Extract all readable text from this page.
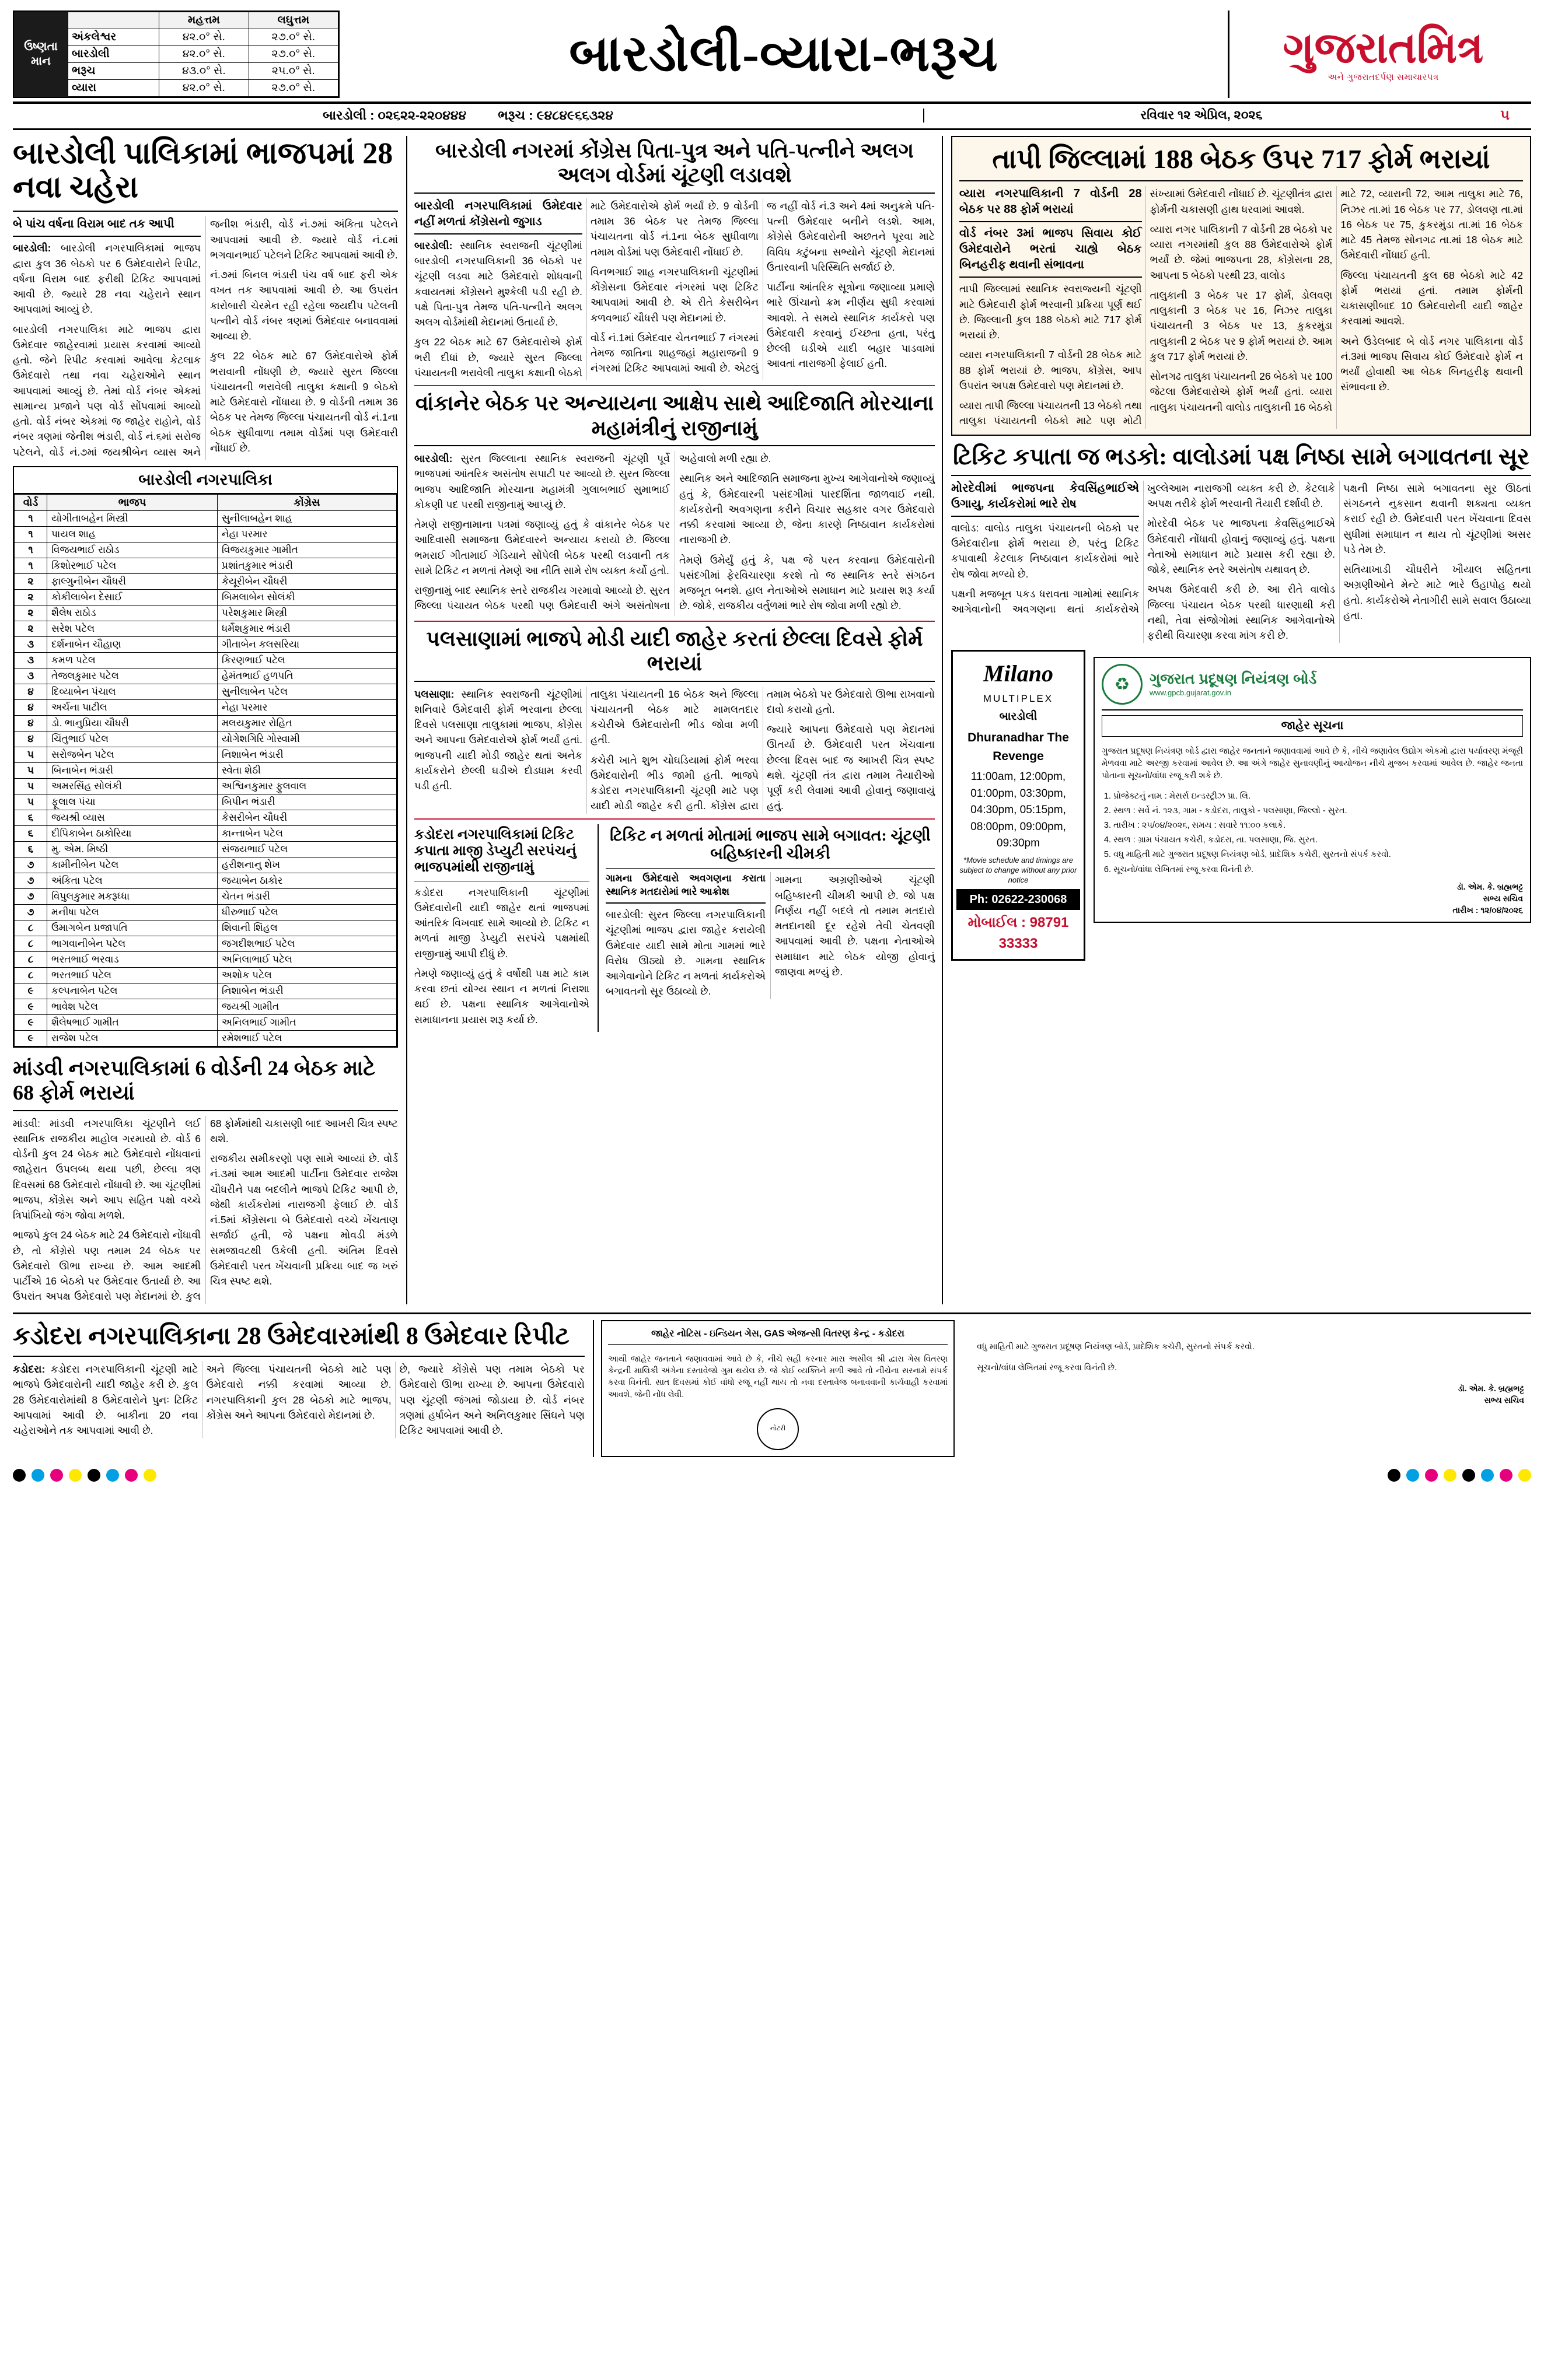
ઉષ્ણતા
માન
	મહત્તમ	લઘુત્તમ
અંકલેશ્વર	૪૨.૦° સે.	૨૭.૦° સે.
બારડોલી	૪૨.૦° સે.	૨૭.૦° સે.
ભરૂચ	૪૩.૦° સે.	૨૫.૦° સે.
વ્યારા	૪૨.૦° સે.	૨૭.૦° સે.
બારડોલી-વ્યારા-ભરૂચ	ગુજરાતમિત્ર
અને ગુજરાતદર્પણ સમાચારપત્ર
બારડોલી : ૦૨૬૨૨-૨૨૦૪૪૪ ભરૂચ : ૯૪૮૪૯૬૬૩૨૪	રવિવાર ૧૨ એપ્રિલ, ૨૦૨૬	૫
બારડોલી પાલિકામાં ભાજપમાં 28 નવા ચહેરા
બે પાંચ વર્ષના વિરામ બાદ તક આપી

બારડોલી: બારડોલી નગરપાલિકામાં ભાજપ દ્વારા કુલ 36 બેઠકો પર 6 ઉમેદવારોને રિપીટ, વર્ષના વિરામ બાદ ફરીથી ટિકિટ આપવામાં આવી છે. જ્યારે 28 નવા ચહેરાને સ્થાન આપવામાં આવ્યું છે.

બારડોલી નગરપાલિકા માટે ભાજપ દ્વારા ઉમેદવાર જાહેરવામાં પ્રયાસ કરવામાં આવ્યો હતો. જેને રિપીટ કરવામાં આવેલા કેટલાક ઉમેદવારો તથા નવા ચહેરાઓને સ્થાન આપવામાં આવ્યું છે. તેમાં વોર્ડ નંબર એકમાં સામાન્ય પ્રજાને પણ વોર્ડ સોંપવામાં આવ્યો હતો. વોર્ડ નંબર એકમાં જ જાહેર રાહોને, વોર્ડ નંબર ત્રણમાં જેનીશ ભંડારી, વોર્ડ નં.૬માં સરોજ પટેલને, વોર્ડ નં.૭માં જયશ્રીબેન વ્યાસ અને જનીશ ભંડારી, વોર્ડ નં.૭માં અંકિતા પટેલને આપવામાં આવી છે. જ્યારે વોર્ડ નં.૮માં ભગવાનભાઈ પટેલને ટિકિટ આપવામાં આવી છે.

નં.૭માં બિનલ ભંડારી પંચ વર્ષ બાદ ફરી એક વખત તક આપવામાં આવી છે. આ ઉપરાંત કારોબારી ચેરમેન રહી રહેલા જયદીપ પટેલની પત્નીને વોર્ડ નંબર ત્રણમાં ઉમેદવાર બનાવવામાં આવ્યા છે.

કુલ 22 બેઠક માટે 67 ઉમેદવારોએ ફોર્મ ભરાવાની નોંધણી છે, જ્યારે સુરત જિલ્લા પંચાયતની ભરાવેલી તાલુકા કક્ષાની 9 બેઠકો માટે ઉમેદવારો નોંધાયા છે. 9 વોર્ડની તમામ 36 બેઠક પર તેમજ જિલ્લા પંચાયતની વોર્ડ નં.1ના બેઠક સુધીવાળા તમામ વોર્ડમાં પણ ઉમેદવારી નોંધાઈ છે.

બારડોલી નગરપાલિકા
વોર્ડ	ભાજપ	કોંગ્રેસ
૧	યોગીતાબહેન મિસ્ત્રી	સુનીલાબહેન શાહ
૧	પાયલ શાહ	નેહા પરમાર
૧	વિજયભાઈ રાઠોડ	વિજયકુમાર ગામીત
૧	કિશોરભાઈ પટેલ	પ્રશાંતકુમાર ભંડારી
૨	ફાલ્ગુનીબેન ચૌધરી	કેયૂરીબેન ચૌધરી
૨	કોકીલાબેન દેસાઈ	બિમલાબેન સોલંકી
૨	શૈલેષ રાઠોડ	પરેશકુમાર મિસ્ત્રી
૨	સરેશ પટેલ	ધર્મેશકુમાર ભંડારી
૩	દર્શનાબેન ચૌહાણ	ગીતાબેન કલસરિયા
૩	કમળ પટેલ	કિરણભાઈ પટેલ
૩	તેજલકુમાર પટેલ	હેમંતભાઈ હળપતિ
૪	દિવ્યાબેન પંચાલ	સુનીલાબેન પટેલ
૪	અર્ચના પાટીલ	નેહા પરમાર
૪	ડો. ભાનુપ્રિયા ચૌધરી	મલયકુમાર રોહિત
૪	ચિંતુભાઈ પટેલ	યોગેશગિરિ ગોસ્વામી
૫	સરોજબેન પટેલ	નિશાબેન ભંડારી
૫	બિનાબેન ભંડારી	સ્વેતા શેઠી
૫	અમરસિંહ સોલંકી	અશ્વિનકુમાર ફુલવાલ
૫	ફૂલાલ પંચા	બિપીન ભંડારી
૬	જયશ્રી વ્યાસ	કેસરીબેન ચૌધરી
૬	દીપિકાબેન ઠાકોરિયા	કાન્તાબેન પટેલ
૬	મુ. એમ. મિષ્ઠી	સંજયભાઈ પટેલ
૭	કામીનીબેન પટેલ	હરીશનાનુ શેખ
૭	અંકિતા પટેલ	જયાબેન ઠાકોર
૭	વિપુલકુમાર મકરૂધ્ધા	ચેતન ભંડારી
૭	મનીષા પટેલ	ધીરુભાઈ પટેલ
૮	ઉમાગબેન પ્રજાપતિ	શિવાની શિંહલ
૮	ભાગવાનીબેન પટેલ	જગદીશભાઈ પટેલ
૮	ભરતભાઈ ભરવાડ	અનિલાભાઈ પટેલ
૮	ભરતભાઈ પટેલ	અશોક પટેલ
૯	કલ્પનાબેન પટેલ	નિશાબેન ભંડારી
૯	ભાવેશ પટેલ	જયશ્રી ગામીત
૯	શૈલેષભાઈ ગામીત	અનિલભાઈ ગામીત
૯	રાજેશ પટેલ	રમેશભાઈ પટેલ
માંડવી નગરપાલિકામાં 6 વોર્ડની 24 બેઠક માટે 68 ફોર્મ ભરાયાં

માંડવી: માંડવી નગરપાલિકા ચૂંટણીને લઈ સ્થાનિક રાજકીય માહોલ ગરમાયો છે. વોર્ડ 6 વોર્ડની કુલ 24 બેઠક માટે ઉમેદવારો નોંધવાનાં જાહેરાત ઉપલબ્ધ થયા પછી, છેલ્લા ત્રણ દિવસમાં 68 ઉમેદવારો નોંધાવી છે. આ ચૂંટણીમાં ભાજપ, કોંગ્રેસ અને આપ સહિત પક્ષો વચ્ચે ત્રિપાંખિયો જંગ જોવા મળશે.

ભાજપે કુલ 24 બેઠક માટે 24 ઉમેદવારો નોંધાવી છે, તો કોંગ્રેસે પણ તમામ 24 બેઠક પર ઉમેદવારો ઊભા રાખ્યા છે. આમ આદમી પાર્ટીએ 16 બેઠકો પર ઉમેદવાર ઉતાર્યા છે. આ ઉપરાંત અપક્ષ ઉમેદવારો પણ મેદાનમાં છે. કુલ 68 ફોર્મમાંથી ચકાસણી બાદ આખરી ચિત્ર સ્પષ્ટ થશે.

રાજકીય સમીકરણો પણ સામે આવ્યાં છે. વોર્ડ નં.૩માં આમ આદમી પાર્ટીના ઉમેદવાર રાજેશ ચૌધરીને પક્ષ બદલીને ભાજપે ટિકિટ આપી છે, જેથી કાર્યકરોમાં નારાજગી ફેલાઈ છે. વોર્ડ નં.5માં કોંગ્રેસના બે ઉમેદવારો વચ્ચે ખેંચતાણ સર્જાઈ હતી, જે પક્ષના મોવડી મંડળે સમજાવટથી ઉકેલી હતી. અંતિમ દિવસે ઉમેદવારી પરત ખેંચવાની પ્રક્રિયા બાદ જ ખરું ચિત્ર સ્પષ્ટ થશે.

બારડોલી નગરમાં કોંગ્રેસ પિતા-પુત્ર અને પતિ-પત્નીને અલગ અલગ વોર્ડમાં ચૂંટણી લડાવશે
બારડોલી નગરપાલિકામાં ઉમેદવાર નહીં મળતાં કોંગ્રેસનો જુગાડ

બારડોલી: સ્થાનિક સ્વરાજની ચૂંટણીમાં બારડોલી નગરપાલિકાની 36 બેઠકો પર ચૂંટણી લડવા માટે ઉમેદવારો શોધવાની કવાયતમાં કોંગ્રેસને મુશ્કેલી પડી રહી છે. પક્ષે પિતા-પુત્ર તેમજ પતિ-પત્નીને અલગ અલગ વોર્ડમાંથી મેદાનમાં ઉતાર્યા છે.

કુલ 22 બેઠક માટે 67 ઉમેદવારોએ ફોર્મ ભરી દીધાં છે, જ્યારે સુરત જિલ્લા પંચાયતની ભરાવેલી તાલુકા કક્ષાની બેઠકો માટે ઉમેદવારોએ ફોર્મ ભર્યાં છે. 9 વોર્ડની તમામ 36 બેઠક પર તેમજ જિલ્લા પંચાયતના વોર્ડ નં.1ના બેઠક સુધીવાળા તમામ વોર્ડમાં પણ ઉમેદવારી નોંધાઈ છે.

વિનભગાઈ શાહ નગરપાલિકાની ચૂંટણીમાં કોંગ્રેસના ઉમેદવાર નંગરમાં પણ ટિકિટ આપવામાં આવી છે. એ રીતે કેસરીબેન કળવભાઈ ચૌધરી પણ મેદાનમાં છે.

વોર્ડ નં.1માં ઉમેદવાર ચેતનભાઈ 7 નંગરમાં તેમજ જાતિના શાહજહાં મહારાજની 9 નંગરમાં ટિકિટ આપવામાં આવી છે. એટલું જ નહીં વોર્ડ નં.3 અને 4માં અનુક્રમે પતિ-પત્ની ઉમેદવાર બનીને લડશે. આમ, કોંગ્રેસે ઉમેદવારોની અછતને પૂરવા માટે વિવિધ કટુંબના સભ્યોને ચૂંટણી મેદાનમાં ઉતારવાની પરિસ્થિતિ સર્જાઈ છે.

પાર્ટીના આંતરિક સૂત્રોના જણાવ્યા પ્રમાણે ભારે ઊંચાનો ક્રમ નીર્ણય સુધી કરવામાં આવશે. તે સમયે સ્થાનિક કાર્યકરો પણ ઉમેદવારી કરવાનું ઈચ્છતા હતા, પરંતુ છેલ્લી ઘડીએ યાદી બહાર પાડવામાં આવતાં નારાજગી ફેલાઈ હતી.

વાંકાનેર બેઠક પર અન્યાયના આક્ષેપ સાથે આદિજાતિ મોરચાના મહામંત્રીનું રાજીનામું

બારડોલી: સુરત જિલ્લાના સ્થાનિક સ્વરાજની ચૂંટણી પૂર્વે ભાજપમાં આંતરિક અસંતોષ સપાટી પર આવ્યો છે. સુરત જિલ્લા ભાજપ આદિજાતિ મોરચાના મહામંત્રી ગુલાબભાઈ સુમાભાઈ કોકણી પદ પરથી રાજીનામું આપ્યું છે.

તેમણે રાજીનામાના પત્રમાં જણાવ્યું હતું કે વાંકાનેર બેઠક પર આદિવાસી સમાજના ઉમેદવારને અન્યાય કરાયો છે. જિલ્લા ભમરાઈ ગીતામાઈ ગેડિયાને સોંપેલી બેઠક પરથી લડવાની તક સામે ટિકિટ ન મળતાં તેમણે આ નીતિ સામે રોષ વ્યક્ત કર્યો હતો.

રાજીનામું બાદ સ્થાનિક સ્તરે રાજકીય ગરમાવો આવ્યો છે. સુરત જિલ્લા પંચાયત બેઠક પરથી પણ ઉમેદવારી અંગે અસંતોષના અહેવાલો મળી રહ્યા છે.

સ્થાનિક અને આદિજાતિ સમાજના મુખ્ય આગેવાનોએ જણાવ્યું હતું કે, ઉમેદવારની પસંદગીમાં પારદર્શિતા જાળવાઈ નથી. કાર્યકરોની અવગણના કરીને વિચાર સહકાર વગર ઉમેદવારો નક્કી કરવામાં આવ્યા છે, જેના કારણે નિષ્ઠાવાન કાર્યકરોમાં નારાજગી છે.

તેમણે ઉમેર્યું હતું કે, પક્ષ જે પરત કરવાના ઉમેદવારોની પસંદગીમાં ફેરવિચારણા કરશે તો જ સ્થાનિક સ્તરે સંગઠન મજબૂત બનશે. હાલ નેતાઓએ સમાધાન માટે પ્રયાસ શરૂ કર્યા છે. જોકે, રાજકીય વર્તુળમાં ભારે રોષ જોવા મળી રહ્યો છે.

પલસાણામાં ભાજપે મોડી યાદી જાહેર કરતાં છેલ્લા દિવસે ફોર્મ ભરાયાં

પલસાણા: સ્થાનિક સ્વરાજની ચૂંટણીમાં શનિવારે ઉમેદવારી ફોર્મ ભરવાના છેલ્લા દિવસે પલસાણા તાલુકામાં ભાજપ, કોંગ્રેસ અને આપના ઉમેદવારોએ ફોર્મ ભર્યાં હતાં. ભાજપની યાદી મોડી જાહેર થતાં અનેક કાર્યકરોને છેલ્લી ઘડીએ દોડધામ કરવી પડી હતી.

તાલુકા પંચાયતની 16 બેઠક અને જિલ્લા પંચાયતની બેઠક માટે મામલતદાર કચેરીએ ઉમેદવારોની ભીડ જોવા મળી હતી.

કચેરી ખાતે શુભ ચોઘડિયામાં ફોર્મ ભરવા ઉમેદવારોની ભીડ જામી હતી. ભાજપે કડોદરા નગરપાલિકાની ચૂંટણી માટે પણ યાદી મોડી જાહેર કરી હતી. કોંગ્રેસ દ્વારા તમામ બેઠકો પર ઉમેદવારો ઊભા રાખવાનો દાવો કરાયો હતો.

જ્યારે આપના ઉમેદવારો પણ મેદાનમાં ઊતર્યા છે. ઉમેદવારી પરત ખેંચવાના છેલ્લા દિવસ બાદ જ આખરી ચિત્ર સ્પષ્ટ થશે. ચૂંટણી તંત્ર દ્વારા તમામ તૈયારીઓ પૂર્ણ કરી લેવામાં આવી હોવાનું જણાવાયું હતું.

કડોદરા નગરપાલિકામાં ટિકિટ કપાતા માજી ડેપ્યુટી સરપંચનું ભાજપમાંથી રાજીનામું

કડોદરા નગરપાલિકાની ચૂંટણીમાં ઉમેદવારોની યાદી જાહેર થતાં ભાજપમાં આંતરિક વિખવાદ સામે આવ્યો છે. ટિકિટ ન મળતાં માજી ડેપ્યુટી સરપંચે પક્ષમાંથી રાજીનામું આપી દીધું છે.

તેમણે જણાવ્યું હતું કે વર્ષોથી પક્ષ માટે કામ કરવા છતાં યોગ્ય સ્થાન ન મળતાં નિરાશા થઈ છે. પક્ષના સ્થાનિક આગેવાનોએ સમાધાનના પ્રયાસ શરૂ કર્યા છે.

ટિકિટ ન મળતાં મોતામાં ભાજપ સામે બગાવત: ચૂંટણી બહિષ્કારની ચીમકી
ગામના ઉમેદવારો અવગણના કરાતા સ્થાનિક મતદારોમાં ભારે આક્રોશ

બારડોલી: સુરત જિલ્લા નગરપાલિકાની ચૂંટણીમાં ભાજપ દ્વારા જાહેર કરાયેલી ઉમેદવાર યાદી સામે મોતા ગામમાં ભારે વિરોધ ઊઠ્યો છે. ગામના સ્થાનિક આગેવાનોને ટિકિટ ન મળતાં કાર્યકરોએ બગાવતનો સૂર ઉઠાવ્યો છે.

ગામના અગ્રણીઓએ ચૂંટણી બહિષ્કારની ચીમકી આપી છે. જો પક્ષ નિર્ણય નહીં બદલે તો તમામ મતદારો મતદાનથી દૂર રહેશે તેવી ચેતવણી આપવામાં આવી છે. પક્ષના નેતાઓએ સમાધાન માટે બેઠક યોજી હોવાનું જાણવા મળ્યું છે.

તાપી જિલ્લામાં 188 બેઠક ઉપર 717 ફોર્મ ભરાયાં
વ્યારા નગરપાલિકાની 7 વોર્ડની 28 બેઠક પર 88 ફોર્મ ભરાયાં
વોર્ડ નંબર 3માં ભાજપ સિવાય કોઈ ઉમેદવારોને ભરતાં ચાહ્યે બેઠક બિનહરીફ થવાની સંભાવના

તાપી જિલ્લામાં સ્થાનિક સ્વરાજ્યની ચૂંટણી માટે ઉમેદવારી ફોર્મ ભરવાની પ્રક્રિયા પૂર્ણ થઈ છે. જિલ્લાની કુલ 188 બેઠકો માટે 717 ફોર્મ ભરાયાં છે.

વ્યારા નગરપાલિકાની 7 વોર્ડની 28 બેઠક માટે 88 ફોર્મ ભરાયાં છે. ભાજપ, કોંગ્રેસ, આપ ઉપરાંત અપક્ષ ઉમેદવારો પણ મેદાનમાં છે.

વ્યારા તાપી જિલ્લા પંચાયતની 13 બેઠકો તથા તાલુકા પંચાયતની બેઠકો માટે પણ મોટી સંખ્યામાં ઉમેદવારી નોંધાઈ છે. ચૂંટણીતંત્ર દ્વારા ફોર્મની ચકાસણી હાથ ધરવામાં આવશે.

વ્યારા નગર પાલિકાની 7 વોર્ડની 28 બેઠકો પર વ્યારા નગરમાંથી કુલ 88 ઉમેદવારોએ ફોર્મ ભર્યાં છે. જેમાં ભાજપના 28, કોંગ્રેસના 28, આપના 5 બેઠકો પરથી 23, વાલોડ

તાલુકાની 3 બેઠક પર 17 ફોર્મ, ડોલવણ તાલુકાની 3 બેઠક પર 16, નિઝર તાલુકા પંચાયતની 3 બેઠક પર 13, કુકરમુંડા તાલુકાની 2 બેઠક પર 9 ફોર્મ ભરાયાં છે. આમ કુલ 717 ફોર્મ ભરાયાં છે.

સોનગઢ તાલુકા પંચાયતની 26 બેઠકો પર 100 જેટલા ઉમેદવારોએ ફોર્મ ભર્યાં હતાં. વ્યારા તાલુકા પંચાયતની વાલોડ તાલુકાની 16 બેઠકો માટે 72, વ્યારાની 72, આમ તાલુકા માટે 76, નિઝર તા.માં 16 બેઠક પર 77, ડોલવણ તા.માં 16 બેઠક પર 75, કુકરમુંડા તા.માં 16 બેઠક માટે 45 તેમજ સોનગઢ તા.માં 18 બેઠક માટે ઉમેદવારી નોંધાઈ હતી.

જિલ્લા પંચાયતની કુલ 68 બેઠકો માટે 42 ફોર્મ ભરાયાં હતાં. તમામ ફોર્મની ચકાસણીબાદ 10 ઉમેદવારોની યાદી જાહેર કરવામાં આવશે.

અને ઉડેલબાદ બે વોર્ડ નગર પાલિકાના વોર્ડ નં.3માં ભાજપ સિવાય કોઈ ઉમેદવારે ફોર્મ ન ભર્યાં હોવાથી આ બેઠક બિનહરીફ થવાની સંભાવના છે.

ટિકિટ કપાતા જ ભડકો: વાલોડમાં પક્ષ નિષ્ઠા સામે બગાવતના સૂર
મોરદેવીમાં ભાજપના કેવસિંહભાઈએ ઉગાયુ, કાર્યકરોમાં ભારે રોષ

વાલોડ: વાલોડ તાલુકા પંચાયતની બેઠકો પર ઉમેદવારીના ફોર્મ ભરાયા છે, પરંતુ ટિકિટ કપાવાથી કેટલાક નિષ્ઠાવાન કાર્યકરોમાં ભારે રોષ જોવા મળ્યો છે.

પક્ષની મજબૂત પકડ ધરાવતા ગામોમાં સ્થાનિક આગેવાનોની અવગણના થતાં કાર્યકરોએ ખુલ્લેઆમ નારાજગી વ્યક્ત કરી છે. કેટલાકે અપક્ષ તરીકે ફોર્મ ભરવાની તૈયારી દર્શાવી છે.

મોરદેવી બેઠક પર ભાજપના કેવસિંહભાઈએ ઉમેદવારી નોંધાવી હોવાનું જણાવ્યું હતું. પક્ષના નેતાઓ સમાધાન માટે પ્રયાસ કરી રહ્યા છે. જોકે, સ્થાનિક સ્તરે અસંતોષ યથાવત્ છે.

અપક્ષ ઉમેદવારી કરી છે. આ રીતે વાલોડ જિલ્લા પંચાયત બેઠક પરથી ધારણાથી કરી નથી, તેવા સંજોગોમાં સ્થાનિક આગેવાનોએ ફરીથી વિચારણા કરવા માંગ કરી છે.

પક્ષની નિષ્ઠા સામે બગાવતના સૂર ઊઠતાં સંગઠનને નુકસાન થવાની શક્યતા વ્યક્ત કરાઈ રહી છે. ઉમેદવારી પરત ખેંચવાના દિવસ સુધીમાં સમાધાન ન થાય તો ચૂંટણીમાં અસર પડે તેમ છે.

સતિયાખાડી ચૌધરીને ખૌયાલ સહિતના અગ્રણીઓને મેન્ટે માટે ભારે ઉહાપોહ થયો હતો. કાર્યકરોએ નેતાગીરી સામે સવાલ ઉઠાવ્યા હતા.

Milano
MULTIPLEX
બારડોલી
Dhuranadhar The Revenge
11:00am, 12:00pm,
01:00pm, 03:30pm,
04:30pm, 05:15pm,
08:00pm, 09:00pm,
09:30pm
*Movie schedule and timings are subject to change without any prior notice
Ph: 02622-230068
મોબાઈલ : 98791 33333
♻	ગુજરાત પ્રદૂષણ નિયંત્રણ બોર્ડ
www.gpcb.gujarat.gov.in
જાહેર સૂચના

ગુજરાત પ્રદૂષણ નિયંત્રણ બોર્ડ દ્વારા જાહેર જનતાને જણાવવામાં આવે છે કે, નીચે જણાવેલ ઉદ્યોગ એકમો દ્વારા પર્યાવરણ મંજૂરી મેળવવા માટે અરજી કરવામાં આવેલ છે. આ અંગે જાહેર સુનાવણીનું આયોજન નીચે મુજબ કરવામાં આવેલ છે. જાહેર જનતા પોતાના સૂચનો/વાંધા રજૂ કરી શકે છે.

1. પ્રોજેક્ટનું નામ : મેસર્સ ઇન્ડસ્ટ્રીઝ પ્રા. લિ.
2. સ્થળ : સર્વે નં. ૧૨૩, ગામ - કડોદરા, તાલુકો - પલસાણા, જિલ્લો - સુરત.
3. તારીખ : ૨૫/૦૪/૨૦૨૬, સમય : સવારે ૧૧:૦૦ કલાકે.
4. સ્થળ : ગ્રામ પંચાયત કચેરી, કડોદરા, તા. પલસાણા, જિ. સુરત.
5. વધુ માહિતી માટે ગુજરાત પ્રદૂષણ નિયંત્રણ બોર્ડ, પ્રાદેશિક કચેરી, સુરતનો સંપર્ક કરવો.
6. સૂચનો/વાંધા લેખિતમાં રજૂ કરવા વિનંતી છે.
ડૉ. એમ. કે. બ્રહ્મભટ્ટ
સભ્ય સચિવ
તારીખ : ૧૨/૦૪/૨૦૨૬
કડોદરા નગરપાલિકાના 28 ઉમેદવારમાંથી 8 ઉમેદવાર રિપીટ

કડોદરા: કડોદરા નગરપાલિકાની ચૂંટણી માટે ભાજપે ઉમેદવારોની યાદી જાહેર કરી છે. કુલ 28 ઉમેદવારોમાંથી 8 ઉમેદવારોને પુનઃ ટિકિટ આપવામાં આવી છે. બાકીના 20 નવા ચહેરાઓને તક આપવામાં આવી છે.

અને જિલ્લા પંચાયતની બેઠકો માટે પણ ઉમેદવારો નક્કી કરવામાં આવ્યા છે. નગરપાલિકાની કુલ 28 બેઠકો માટે ભાજપ, કોંગ્રેસ અને આપના ઉમેદવારો મેદાનમાં છે.

છે, જ્યારે કોંગ્રેસે પણ તમામ બેઠકો પર ઉમેદવારો ઊભા રાખ્યા છે. આપના ઉમેદવારો પણ ચૂંટણી જંગમાં જોડાયા છે. વોર્ડ નંબર ત્રણમાં હર્ષાબેન અને અનિલકુમાર સિંઘને પણ ટિકિટ આપવામાં આવી છે.

જાહેર નોટિસ - ઇન્ડિયન ગેસ, GAS એજન્સી વિતરણ કેન્દ્ર - કડોદરા

આથી જાહેર જનતાને જણાવવામાં આવે છે કે, નીચે સહી કરનાર મારા અસીલ શ્રી દ્વારા ગેસ વિતરણ કેન્દ્રની માલિકી અંગેના દસ્તાવેજો ગુમ થયેલ છે. જે કોઈ વ્યક્તિને મળી આવે તો નીચેના સરનામે સંપર્ક કરવા વિનંતી. સાત દિવસમાં કોઈ વાંધો રજૂ નહીં થાય તો નવા દસ્તાવેજ બનાવવાની કાર્યવાહી કરવામાં આવશે, જેની નોંધ લેવી.

નોટરી

વધુ માહિતી માટે ગુજરાત પ્રદૂષણ નિયંત્રણ બોર્ડ, પ્રાદેશિક કચેરી, સુરતનો સંપર્ક કરવો.

સૂચનો/વાંધા લેખિતમાં રજૂ કરવા વિનંતી છે.

ડૉ. એમ. કે. બ્રહ્મભટ્ટ
સભ્ય સચિવ
